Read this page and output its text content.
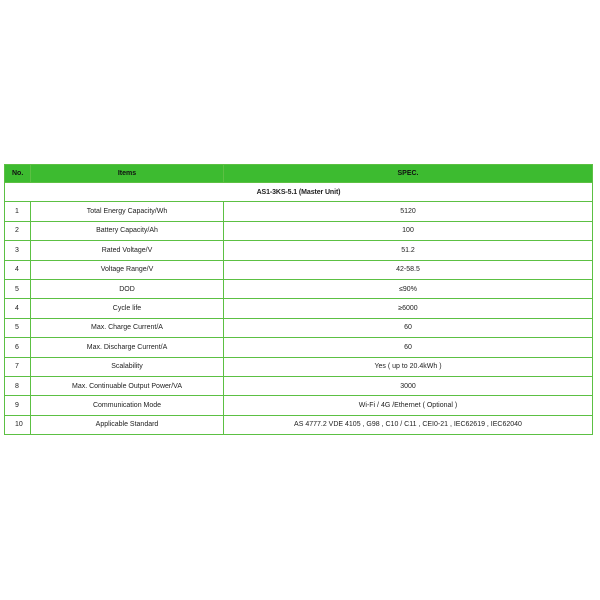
No.	Items	SPEC.
AS1-3KS-5.1 (Master Unit)		
1	Total Energy Capacity/Wh	5120
2	Battery Capacity/Ah	100
3	Rated Voltage/V	51.2
4	Voltage Range/V	42-58.5
5	DOD	≤90%
4	Cycle life	≥6000
5	Max. Charge Current/A	60
6	Max. Discharge Current/A	60
7	Scalability	Yes ( up to 20.4kWh )
8	Max. Continuable Output Power/VA	3000
9	Communication Mode	Wi-Fi / 4G /Ethernet ( Optional )
10	Applicable Standard	AS 4777.2 VDE 4105 , G98 , C10 / C11 , CEI0-21 , IEC62619 , IEC62040
